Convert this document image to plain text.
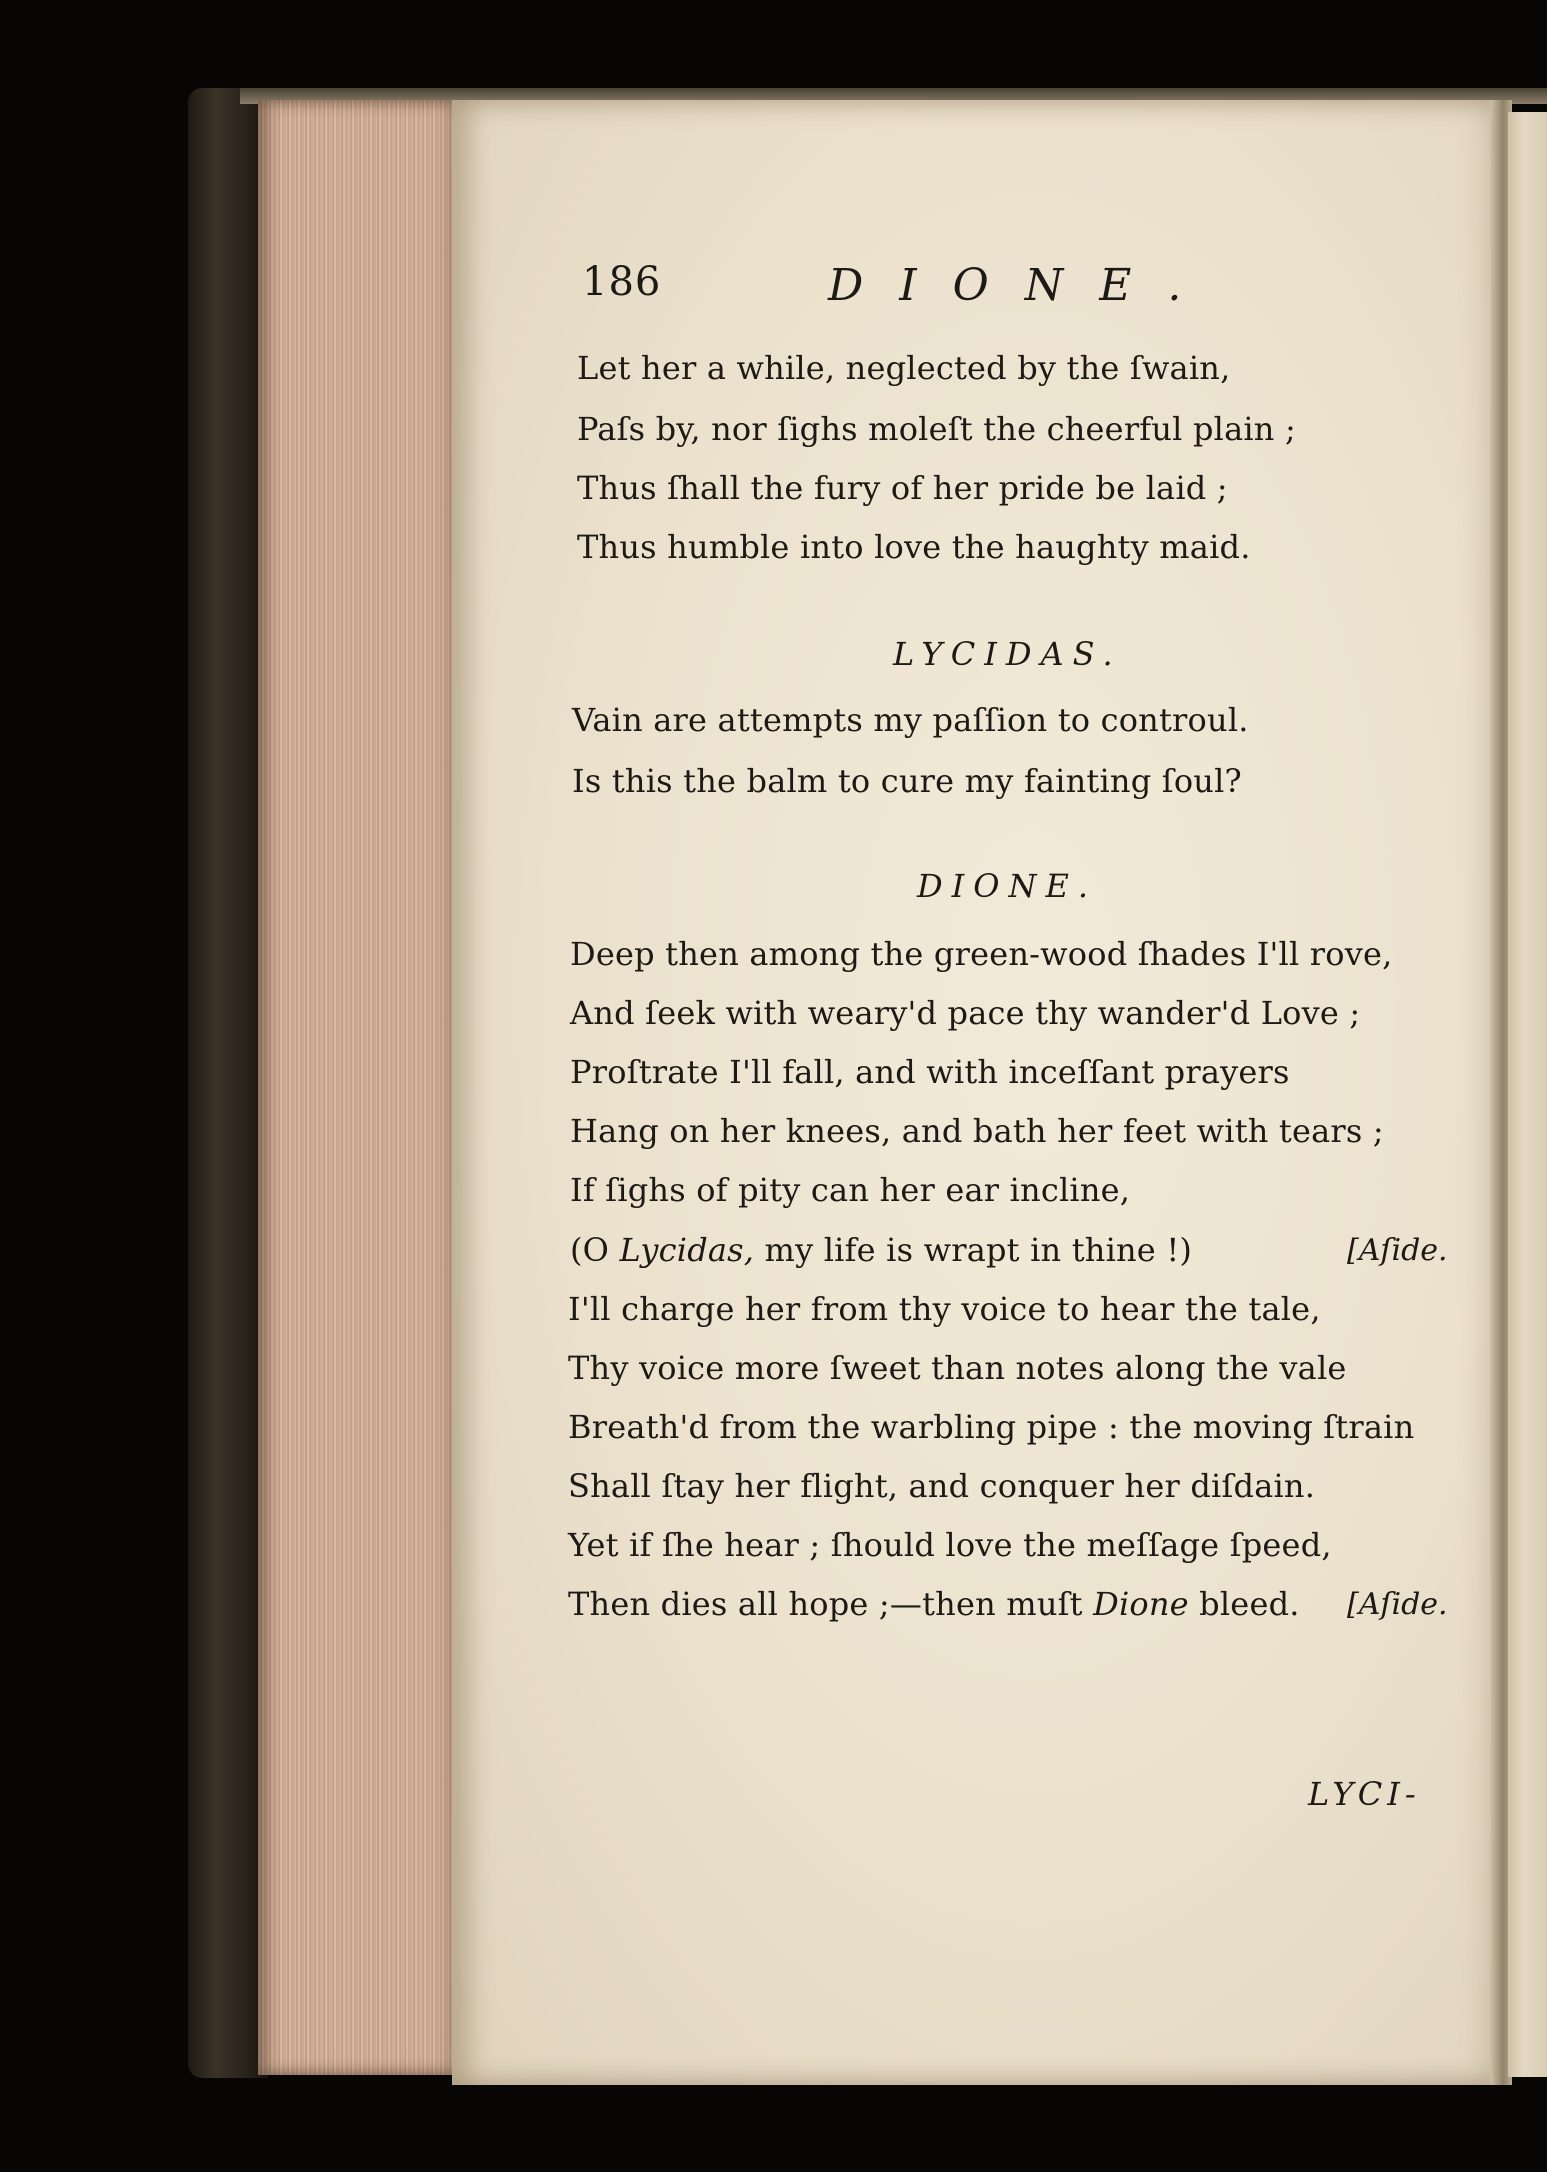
186	DIONE.
Let her a while, neglected by the ſwain,
Paſs by, nor ſighs moleſt the cheerful plain ;
Thus ſhall the fury of her pride be laid ;
Thus humble into love the haughty maid.
LYCIDAS.
Vain are attempts my paſſion to controul.
Is this the balm to cure my fainting ſoul?
DIONE.
Deep then among the green-wood ſhades I'll rove,
And ſeek with weary'd pace thy wander'd Love ;
Proſtrate I'll fall, and with inceſſant prayers
Hang on her knees, and bath her feet with tears ;
If ſighs of pity can her ear incline,
(O Lycidas, my life is wrapt in thine !)	[Aſide.
I'll charge her from thy voice to hear the tale,
Thy voice more ſweet than notes along the vale
Breath'd from the warbling pipe : the moving ſtrain
Shall ſtay her flight, and conquer her diſdain.
Yet if ſhe hear ; ſhould love the meſſage ſpeed,
Then dies all hope ;—then muſt Dione bleed. [Aſide.
LYCI-
